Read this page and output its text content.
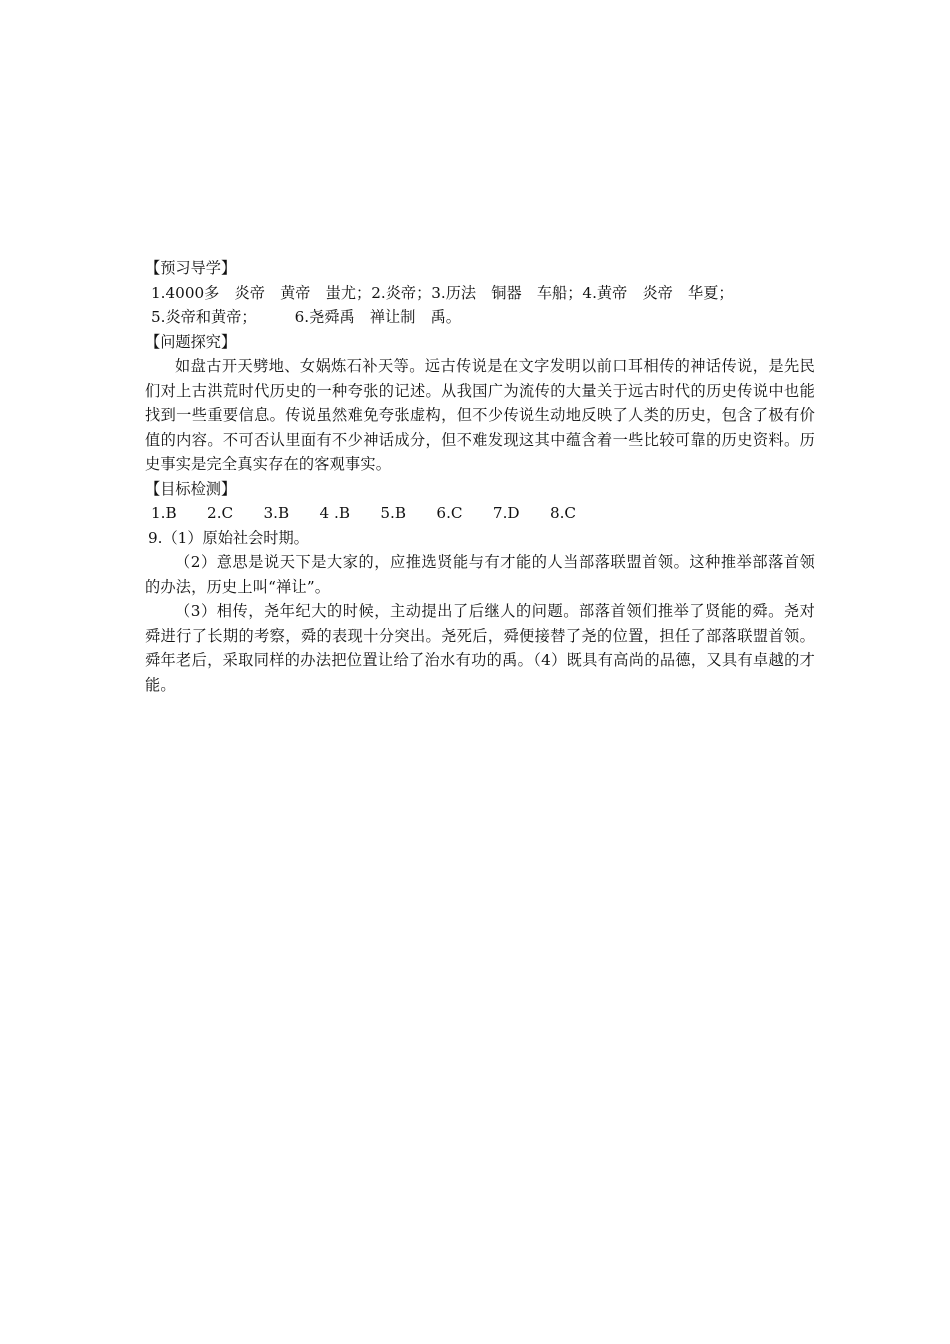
【预习导学】
1.4000多　炎帝　黄帝　蚩尤；2.炎帝；3.历法　铜器　车船；4.黄帝　炎帝　华夏；
5.炎帝和黄帝；　　　6.尧舜禹　禅让制　禹。
【问题探究】
如盘古开天劈地、女娲炼石补天等。远古传说是在文字发明以前口耳相传的神话传说，是先民们对上古洪荒时代历史的一种夸张的记述。从我国广为流传的大量关于远古时代的历史传说中也能找到一些重要信息。传说虽然难免夸张虚构，但不少传说生动地反映了人类的历史，包含了极有价值的内容。不可否认里面有不少神话成分，但不难发现这其中蕴含着一些比较可靠的历史资料。历史事实是完全真实存在的客观事实。
【目标检测】
1.B　　2.C　　3.B　　4 .B　　5.B　　6.C　　7.D　　8.C
9.（1）原始社会时期。
（2）意思是说天下是大家的，应推选贤能与有才能的人当部落联盟首领。这种推举部落首领的办法，历史上叫“禅让”。
（3）相传，尧年纪大的时候，主动提出了后继人的问题。部落首领们推举了贤能的舜。尧对舜进行了长期的考察，舜的表现十分突出。尧死后，舜便接替了尧的位置，担任了部落联盟首领。舜年老后，采取同样的办法把位置让给了治水有功的禹。（4）既具有高尚的品德，又具有卓越的才能。
